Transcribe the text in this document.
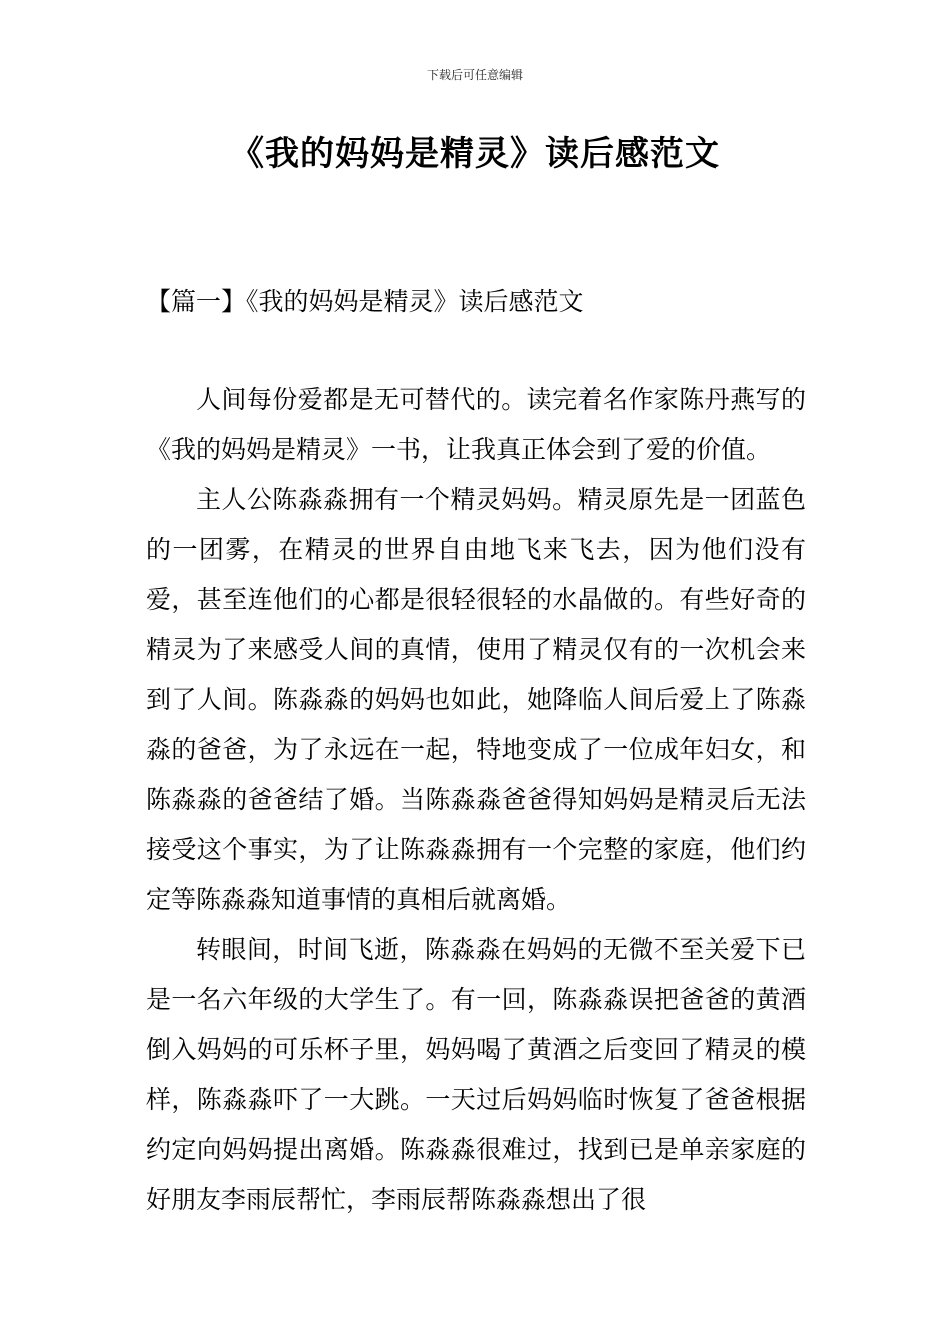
下载后可任意编辑
《我的妈妈是精灵》读后感范文
【篇一】《我的妈妈是精灵》读后感范文

人间每份爱都是无可替代的。读完着名作家陈丹燕写的《我的妈妈是精灵》一书，让我真正体会到了爱的价值。

主人公陈淼淼拥有一个精灵妈妈。精灵原先是一团蓝色的一团雾，在精灵的世界自由地飞来飞去，因为他们没有爱，甚至连他们的心都是很轻很轻的水晶做的。有些好奇的精灵为了来感受人间的真情，使用了精灵仅有的一次机会来到了人间。陈淼淼的妈妈也如此，她降临人间后爱上了陈淼淼的爸爸，为了永远在一起，特地变成了一位成年妇女，和陈淼淼的爸爸结了婚。当陈淼淼爸爸得知妈妈是精灵后无法接受这个事实，为了让陈淼淼拥有一个完整的家庭，他们约定等陈淼淼知道事情的真相后就离婚。

转眼间，时间飞逝，陈淼淼在妈妈的无微不至关爱下已是一名六年级的大学生了。有一回，陈淼淼误把爸爸的黄酒倒入妈妈的可乐杯子里，妈妈喝了黄酒之后变回了精灵的模样，陈淼淼吓了一大跳。一天过后妈妈临时恢复了爸爸根据约定向妈妈提出离婚。陈淼淼很难过，找到已是单亲家庭的好朋友李雨辰帮忙，李雨辰帮陈淼淼想出了很
